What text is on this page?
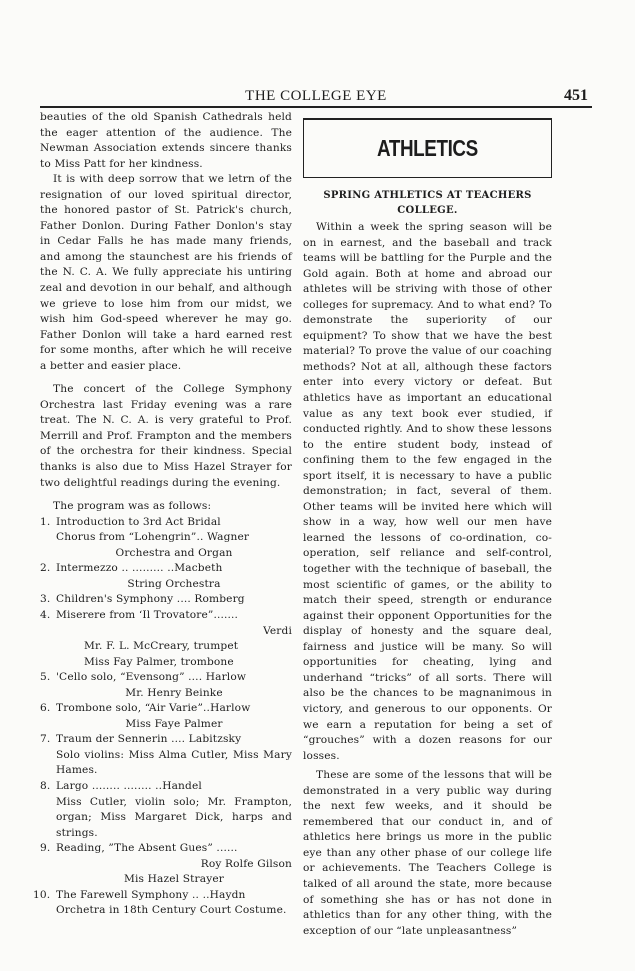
THE COLLEGE EYE	451

beauties of the old Spanish Cathedrals held the eager attention of the audience. The Newman Association extends sincere thanks to Miss Patt for her kindness.

It is with deep sorrow that we letrn of the resignation of our loved spiritual director, the honored pastor of St. Patrick's church, Father Donlon. During Father Donlon's stay in Cedar Falls he has made many friends, and among the staunchest are his friends of the N. C. A. We fully appreciate his untiring zeal and devotion in our behalf, and although we grieve to lose him from our midst, we wish him God-speed wherever he may go. Father Donlon will take a hard earned rest for some months, after which he will receive a better and easier place.

The concert of the College Symphony Orchestra last Friday evening was a rare treat. The N. C. A. is very grateful to Prof. Merrill and Prof. Frampton and the members of the orchestra for their kindness. Special thanks is also due to Miss Hazel Strayer for two delightful readings during the evening.

The program was as follows:

1. Introduction to 3rd Act Bridal
Chorus from “Lohengrin”.. Wagner
Orchestra and Organ
2. Intermezzo .. ......... ..Macbeth
String Orchestra
3. Children's Symphony .... Romberg
4. Miserere from ‘Il Trovatore”.......
Verdi
Mr. F. L. McCreary, trumpet
Miss Fay Palmer, trombone
5. 'Cello solo, “Evensong” .... Harlow
Mr. Henry Beinke
6. Trombone solo, “Air Varie”..Harlow
Miss Faye Palmer
7. Traum der Sennerin .... Labitzsky
Solo violins: Miss Alma Cutler, Miss Mary Hames.
8. Largo ........ ........ ..Handel
Miss Cutler, violin solo; Mr. Frampton, organ; Miss Margaret Dick, harps and strings.
9. Reading, ”The Absent Gues” ......
Roy Rolfe Gilson
Mis Hazel Strayer
10. The Farewell Symphony .. ..Haydn
Orchetra in 18th Century Court Costume.
ATHLETICS
SPRING ATHLETICS AT TEACHERS
COLLEGE.

Within a week the spring season will be on in earnest, and the baseball and track teams will be battling for the Purple and the Gold again. Both at home and abroad our athletes will be striving with those of other colleges for supremacy. And to what end? To demonstrate the superiority of our equipment? To show that we have the best material? To prove the value of our coaching methods? Not at all, although these factors enter into every victory or defeat. But athletics have as important an educational value as any text book ever studied, if conducted rightly. And to show these lessons to the entire student body, instead of confining them to the few engaged in the sport itself, it is necessary to have a public demonstration; in fact, several of them. Other teams will be invited here which will show in a way, how well our men have learned the lessons of co-ordination, co-operation, self reliance and self-control, together with the technique of baseball, the most scientific of games, or the ability to match their speed, strength or endurance against their opponent Opportunities for the display of honesty and the square deal, fairness and justice will be many. So will opportunities for cheating, lying and underhand “tricks” of all sorts. There will also be the chances to be magnanimous in victory, and generous to our opponents. Or we earn a reputation for being a set of “grouches” with a dozen reasons for our losses.

These are some of the lessons that will be demonstrated in a very public way during the next few weeks, and it should be remembered that our conduct in, and of athletics here brings us more in the public eye than any other phase of our college life or achievements. The Teachers College is talked of all around the state, more because of something she has or has not done in athletics than for any other thing, with the exception of our “late unpleasantness”
